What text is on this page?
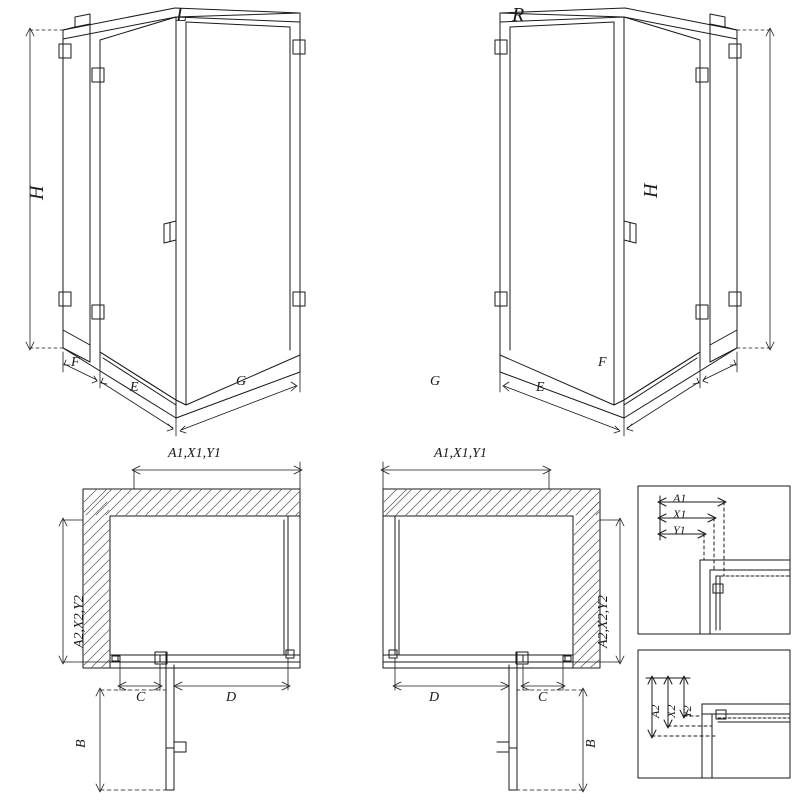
L	R
H	H
F
E	G	G	E
F
A1,X1,Y1
A2,X2,Y2
C	D
B
A1,X1,Y1
A2,X2,Y2
D	C
B
A1
X1
Y1
A2 X2 Y2
